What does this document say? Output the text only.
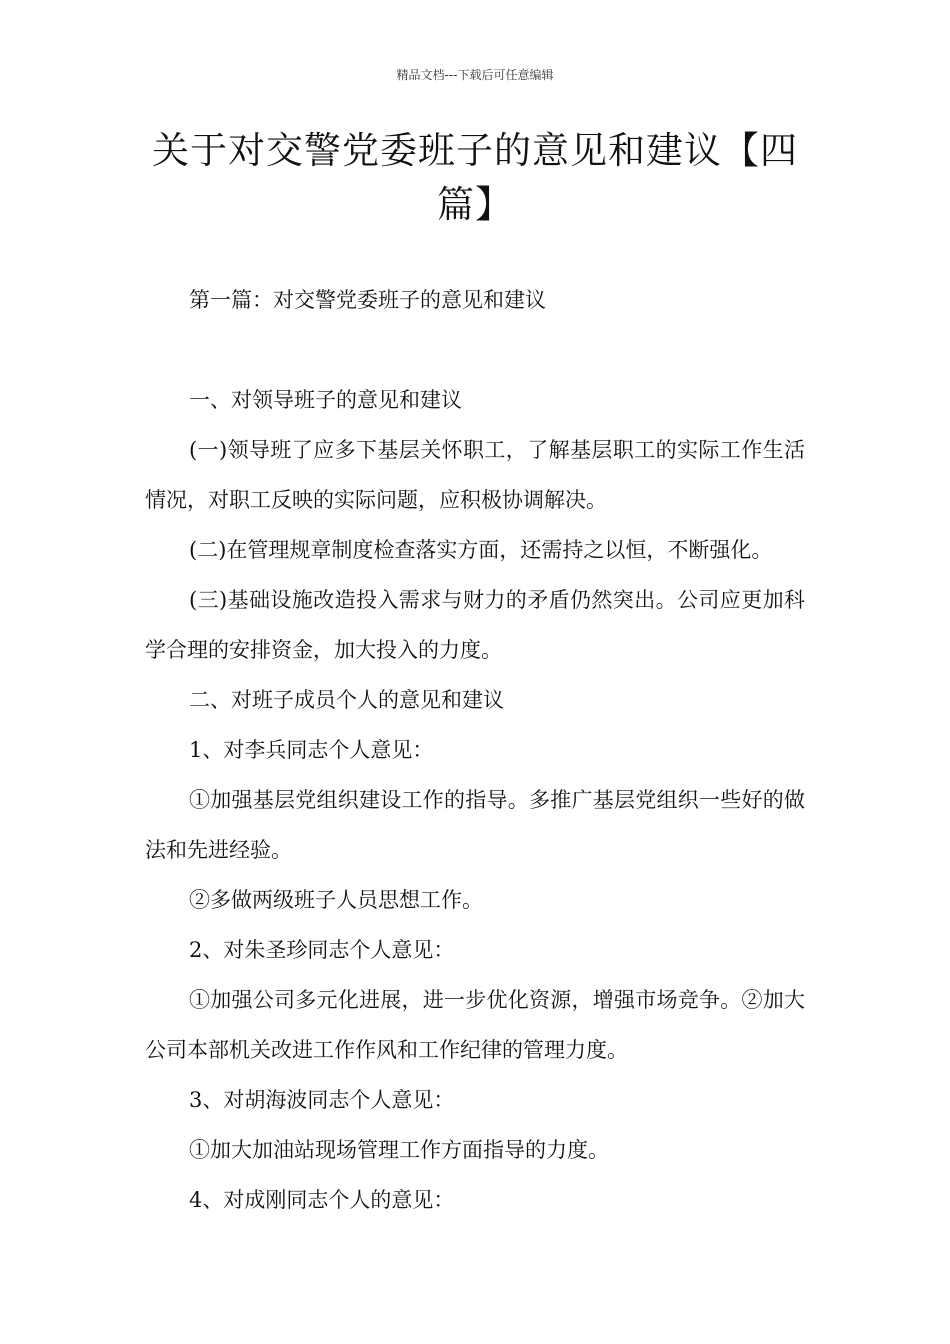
精品文档---下载后可任意编辑
关于对交警党委班子的意见和建议【四篇】

第一篇：对交警党委班子的意见和建议

一、对领导班子的意见和建议

(一)领导班了应多下基层关怀职工，了解基层职工的实际工作生活情况，对职工反映的实际问题，应积极协调解决。

(二)在管理规章制度检查落实方面，还需持之以恒，不断强化。

(三)基础设施改造投入需求与财力的矛盾仍然突出。公司应更加科学合理的安排资金，加大投入的力度。

二、对班子成员个人的意见和建议

1、对李兵同志个人意见：

①加强基层党组织建设工作的指导。多推广基层党组织一些好的做法和先进经验。

②多做两级班子人员思想工作。

2、对朱圣珍同志个人意见：

①加强公司多元化进展，进一步优化资源，增强市场竞争。②加大公司本部机关改进工作作风和工作纪律的管理力度。

3、对胡海波同志个人意见：

①加大加油站现场管理工作方面指导的力度。

4、对成刚同志个人的意见：
